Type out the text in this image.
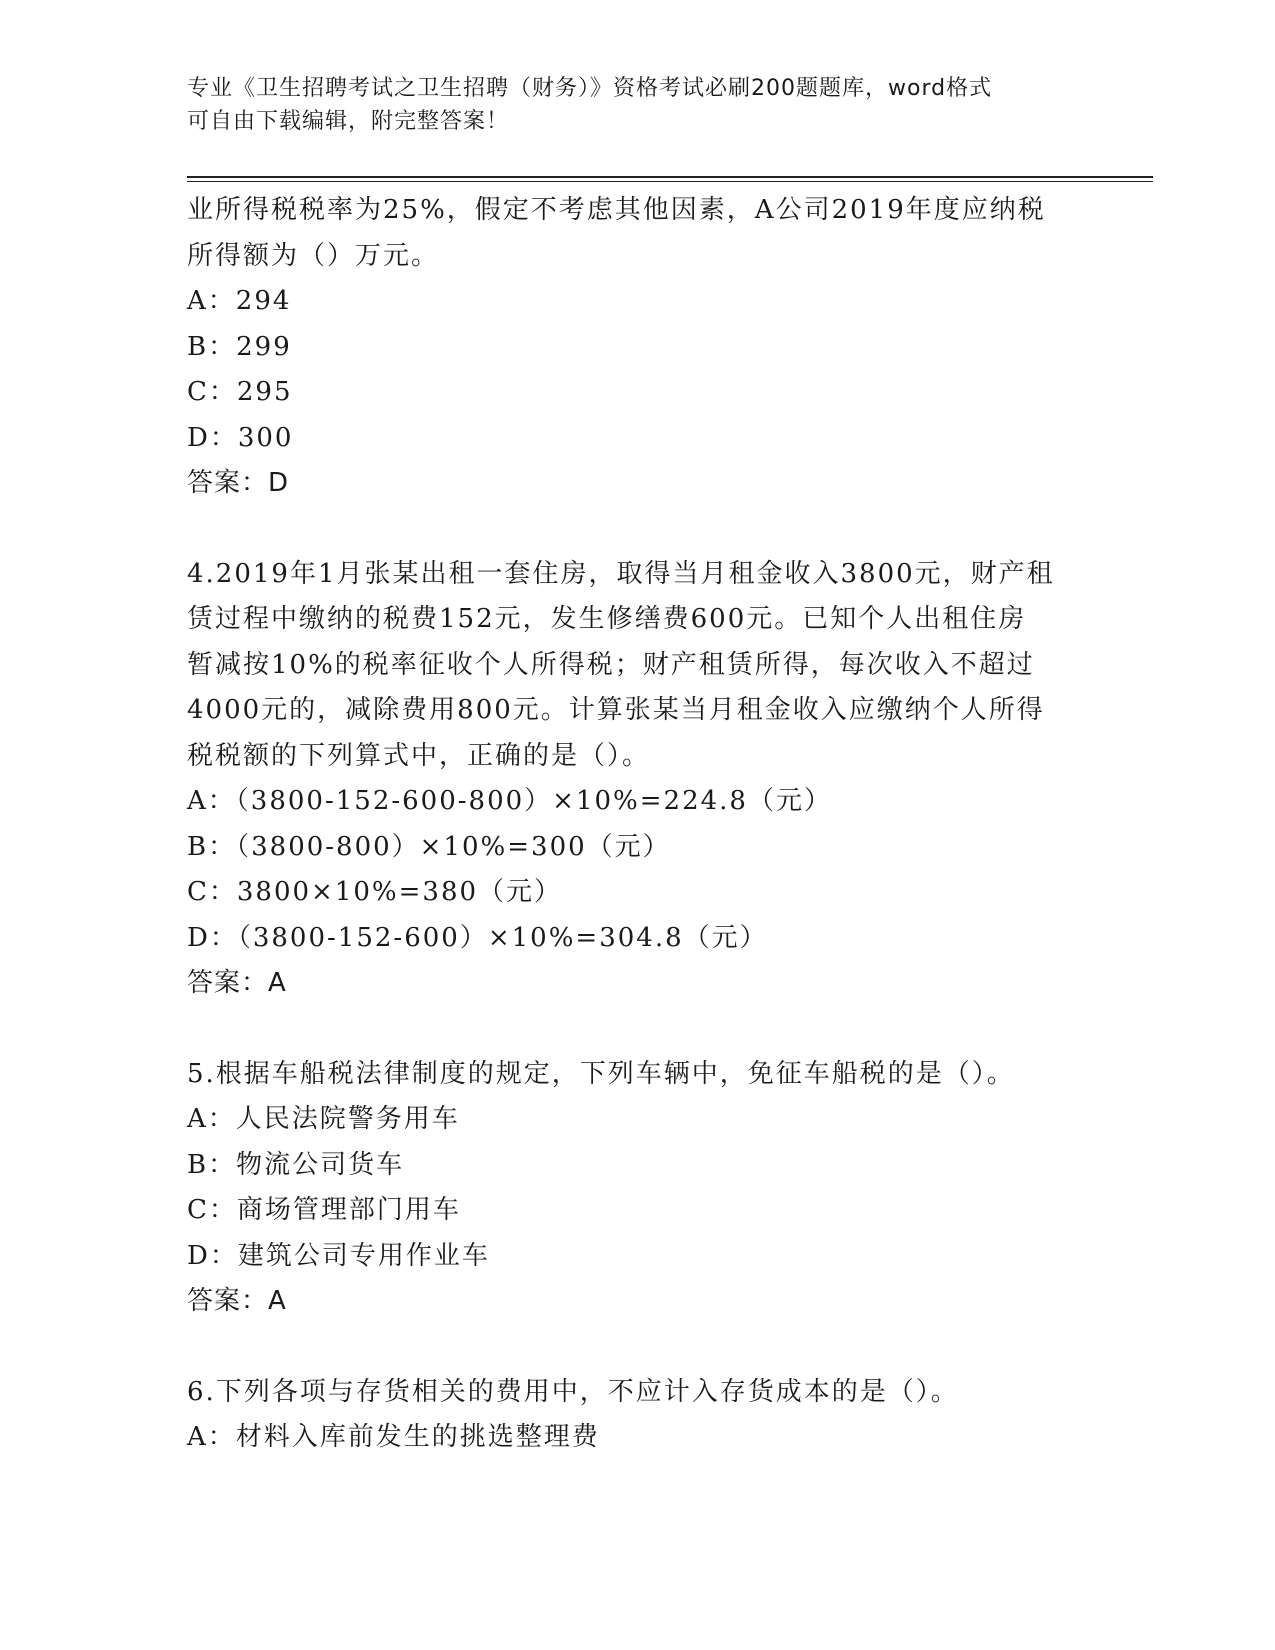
专业《卫生招聘考试之卫生招聘（财务）》资格考试必刷200题题库，word格式
可自由下载编辑，附完整答案！
业所得税税率为25%，假定不考虑其他因素，A公司2019年度应纳税
所得额为（）万元。
A：294
B：299
C：295
D：300
答案：D
4.2019年1月张某出租一套住房，取得当月租金收入3800元，财产租
赁过程中缴纳的税费152元，发生修缮费600元。已知个人出租住房
暂减按10%的税率征收个人所得税；财产租赁所得，每次收入不超过
4000元的，减除费用800元。计算张某当月租金收入应缴纳个人所得
税税额的下列算式中，正确的是（）。
A：（3800-152-600-800）×10%=224.8（元）
B：（3800-800）×10%=300（元）
C：3800×10%=380（元）
D：（3800-152-600）×10%=304.8（元）
答案：A
5.根据车船税法律制度的规定，下列车辆中，免征车船税的是（）。
A：人民法院警务用车
B：物流公司货车
C：商场管理部门用车
D：建筑公司专用作业车
答案：A
6.下列各项与存货相关的费用中，不应计入存货成本的是（）。
A：材料入库前发生的挑选整理费
